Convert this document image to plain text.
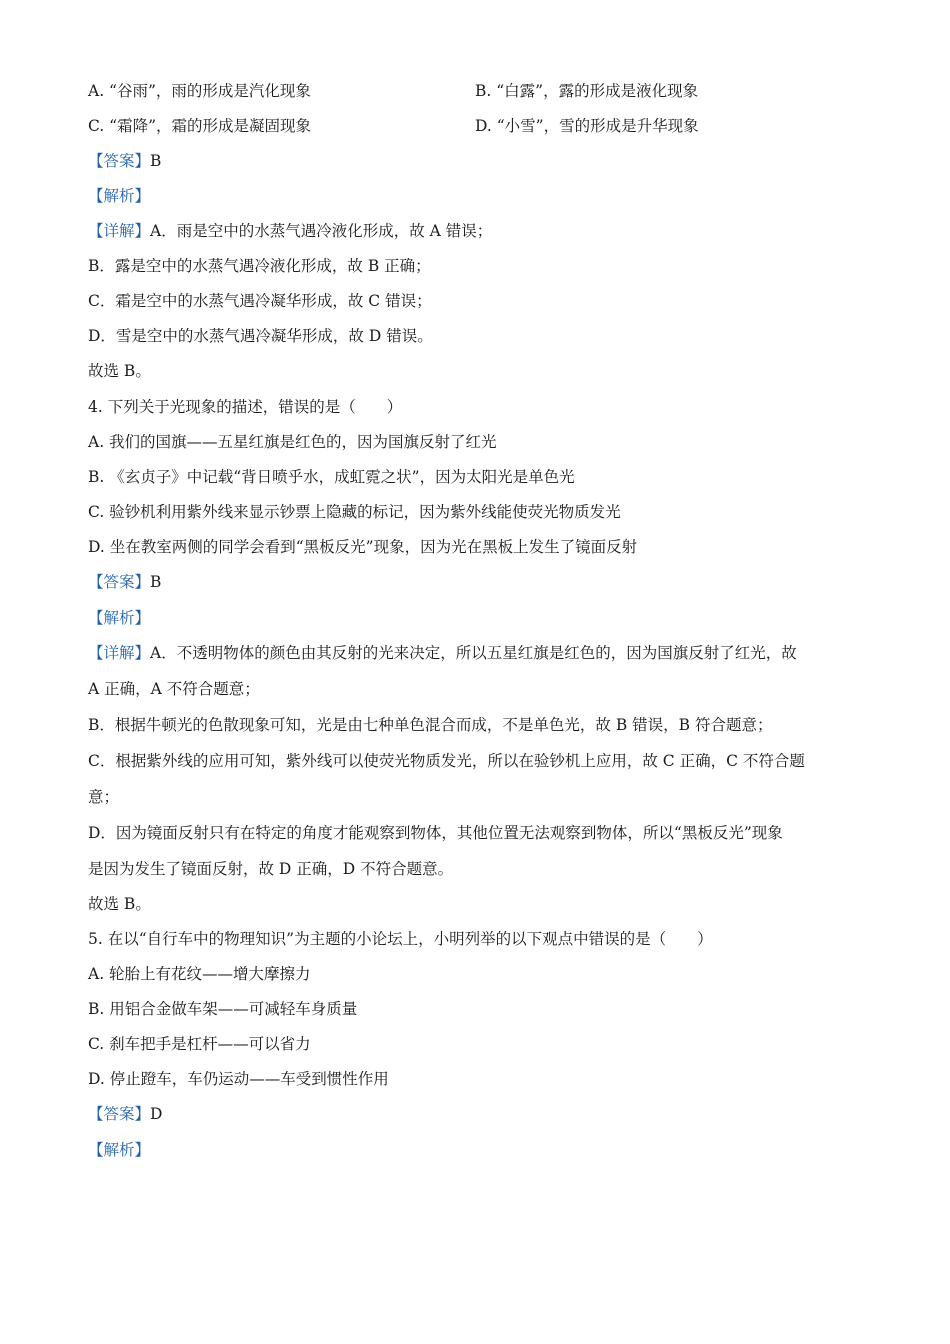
A. “谷雨”，雨的形成是汽化现象	B. “白露”，露的形成是液化现象
C. “霜降”，霜的形成是凝固现象	D. “小雪”，雪的形成是升华现象
【答案】B
【解析】
【详解】A．雨是空中的水蒸气遇冷液化形成，故 A 错误；
B．露是空中的水蒸气遇冷液化形成，故 B 正确；
C．霜是空中的水蒸气遇冷凝华形成，故 C 错误；
D．雪是空中的水蒸气遇冷凝华形成，故 D 错误。
故选 B。
4. 下列关于光现象的描述，错误的是（　　）
A. 我们的国旗——五星红旗是红色的，因为国旗反射了红光
B. 《玄贞子》中记载“背日喷乎水，成虹霓之状”，因为太阳光是单色光
C. 验钞机利用紫外线来显示钞票上隐藏的标记，因为紫外线能使荧光物质发光
D. 坐在教室两侧的同学会看到“黑板反光”现象，因为光在黑板上发生了镜面反射
【答案】B
【解析】
【详解】A．不透明物体的颜色由其反射的光来决定，所以五星红旗是红色的，因为国旗反射了红光，故
A 正确，A 不符合题意；
B．根据牛顿光的色散现象可知，光是由七种单色混合而成，不是单色光，故 B 错误，B 符合题意；
C．根据紫外线的应用可知，紫外线可以使荧光物质发光，所以在验钞机上应用，故 C 正确，C 不符合题
意；
D．因为镜面反射只有在特定的角度才能观察到物体，其他位置无法观察到物体，所以“黑板反光”现象
是因为发生了镜面反射，故 D 正确，D 不符合题意。
故选 B。
5. 在以“自行车中的物理知识”为主题的小论坛上，小明列举的以下观点中错误的是（　　）
A. 轮胎上有花纹——增大摩擦力
B. 用铝合金做车架——可减轻车身质量
C. 刹车把手是杠杆——可以省力
D. 停止蹬车，车仍运动——车受到惯性作用
【答案】D
【解析】
